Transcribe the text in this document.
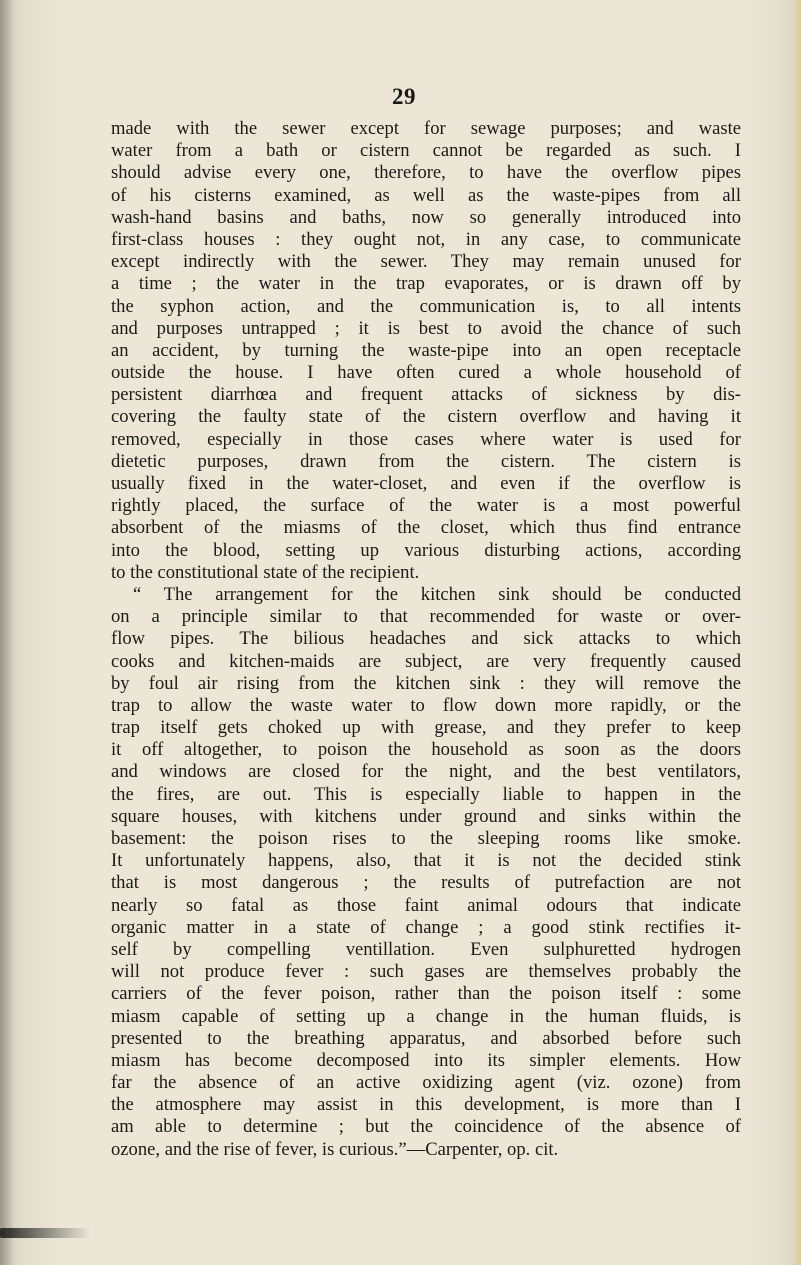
29
made with the sewer except for sewage purposes; and waste
water from a bath or cistern cannot be regarded as such. I
should advise every one, therefore, to have the overflow pipes
of his cisterns examined, as well as the waste-pipes from all
wash-hand basins and baths, now so generally introduced into
first-class houses : they ought not, in any case, to communicate
except indirectly with the sewer. They may remain unused for
a time ; the water in the trap evaporates, or is drawn off by
the syphon action, and the communication is, to all intents
and purposes untrapped ; it is best to avoid the chance of such
an accident, by turning the waste-pipe into an open receptacle
outside the house. I have often cured a whole household of
persistent diarrhœa and frequent attacks of sickness by dis-
covering the faulty state of the cistern overflow and having it
removed, especially in those cases where water is used for
dietetic purposes, drawn from the cistern. The cistern is
usually fixed in the water-closet, and even if the overflow is
rightly placed, the surface of the water is a most powerful
absorbent of the miasms of the closet, which thus find entrance
into the blood, setting up various disturbing actions, according
to the constitutional state of the recipient.
“ The arrangement for the kitchen sink should be conducted
on a principle similar to that recommended for waste or over-
flow pipes. The bilious headaches and sick attacks to which
cooks and kitchen-maids are subject, are very frequently caused
by foul air rising from the kitchen sink : they will remove the
trap to allow the waste water to flow down more rapidly, or the
trap itself gets choked up with grease, and they prefer to keep
it off altogether, to poison the household as soon as the doors
and windows are closed for the night, and the best ventilators,
the fires, are out. This is especially liable to happen in the
square houses, with kitchens under ground and sinks within the
basement: the poison rises to the sleeping rooms like smoke.
It unfortunately happens, also, that it is not the decided stink
that is most dangerous ; the results of putrefaction are not
nearly so fatal as those faint animal odours that indicate
organic matter in a state of change ; a good stink rectifies it-
self by compelling ventillation. Even sulphuretted hydrogen
will not produce fever : such gases are themselves probably the
carriers of the fever poison, rather than the poison itself : some
miasm capable of setting up a change in the human fluids, is
presented to the breathing apparatus, and absorbed before such
miasm has become decomposed into its simpler elements. How
far the absence of an active oxidizing agent (viz. ozone) from
the atmosphere may assist in this development, is more than I
am able to determine ; but the coincidence of the absence of
ozone, and the rise of fever, is curious.”—Carpenter, op. cit.
